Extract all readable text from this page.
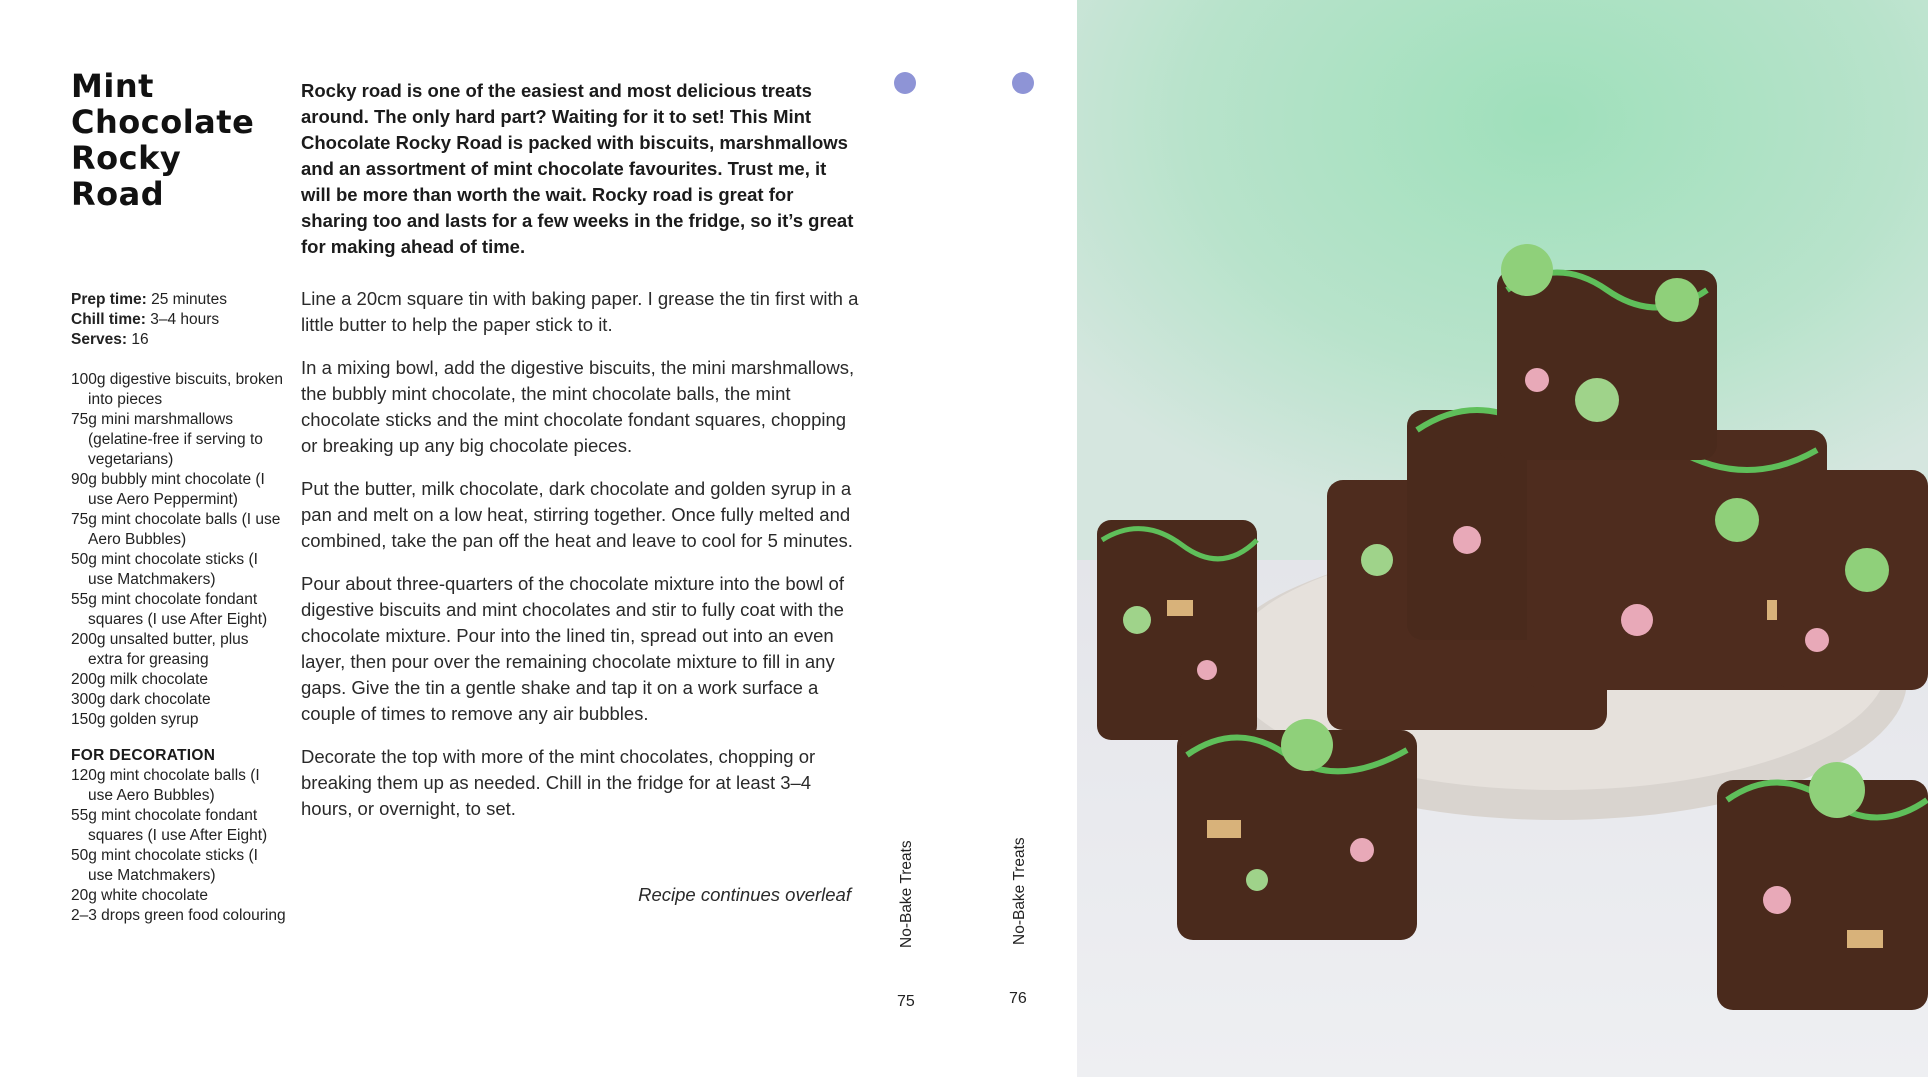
Mint
Chocolate
Rocky
Road
Prep time: 25 minutes
Chill time: 3–4 hours
Serves: 16
100g digestive biscuits, broken into pieces
75g mini marshmallows (gelatine-free if serving to vegetarians)
90g bubbly mint chocolate (I use Aero Peppermint)
75g mint chocolate balls (I use Aero Bubbles)
50g mint chocolate sticks (I use Matchmakers)
55g mint chocolate fondant squares (I use After Eight)
200g unsalted butter, plus extra for greasing
200g milk chocolate
300g dark chocolate
150g golden syrup
FOR DECORATION
120g mint chocolate balls (I use Aero Bubbles)
55g mint chocolate fondant squares (I use After Eight)
50g mint chocolate sticks (I use Matchmakers)
20g white chocolate
2–3 drops green food colouring

Rocky road is one of the easiest and most delicious treats around. The only hard part? Waiting for it to set! This Mint Chocolate Rocky Road is packed with biscuits, marshmallows and an assortment of mint chocolate favourites. Trust me, it will be more than worth the wait. Rocky road is great for sharing too and lasts for a few weeks in the fridge, so it’s great for making ahead of time.

Line a 20cm square tin with baking paper. I grease the tin first with a little butter to help the paper stick to it.

In a mixing bowl, add the digestive biscuits, the mini marshmallows, the bubbly mint chocolate, the mint chocolate balls, the mint chocolate sticks and the mint chocolate fondant squares, chopping or breaking up any big chocolate pieces.

Put the butter, milk chocolate, dark chocolate and golden syrup in a pan and melt on a low heat, stirring together. Once fully melted and combined, take the pan off the heat and leave to cool for 5 minutes.

Pour about three-quarters of the chocolate mixture into the bowl of digestive biscuits and mint chocolates and stir to fully coat with the chocolate mixture. Pour into the lined tin, spread out into an even layer, then pour over the remaining chocolate mixture to fill in any gaps. Give the tin a gentle shake and tap it on a work surface a couple of times to remove any air bubbles.

Decorate the top with more of the mint chocolates, chopping or breaking them up as needed. Chill in the fridge for at least 3–4 hours, or overnight, to set.

Recipe continues overleaf	No-Bake Treats	No-Bake Treats
75	76
